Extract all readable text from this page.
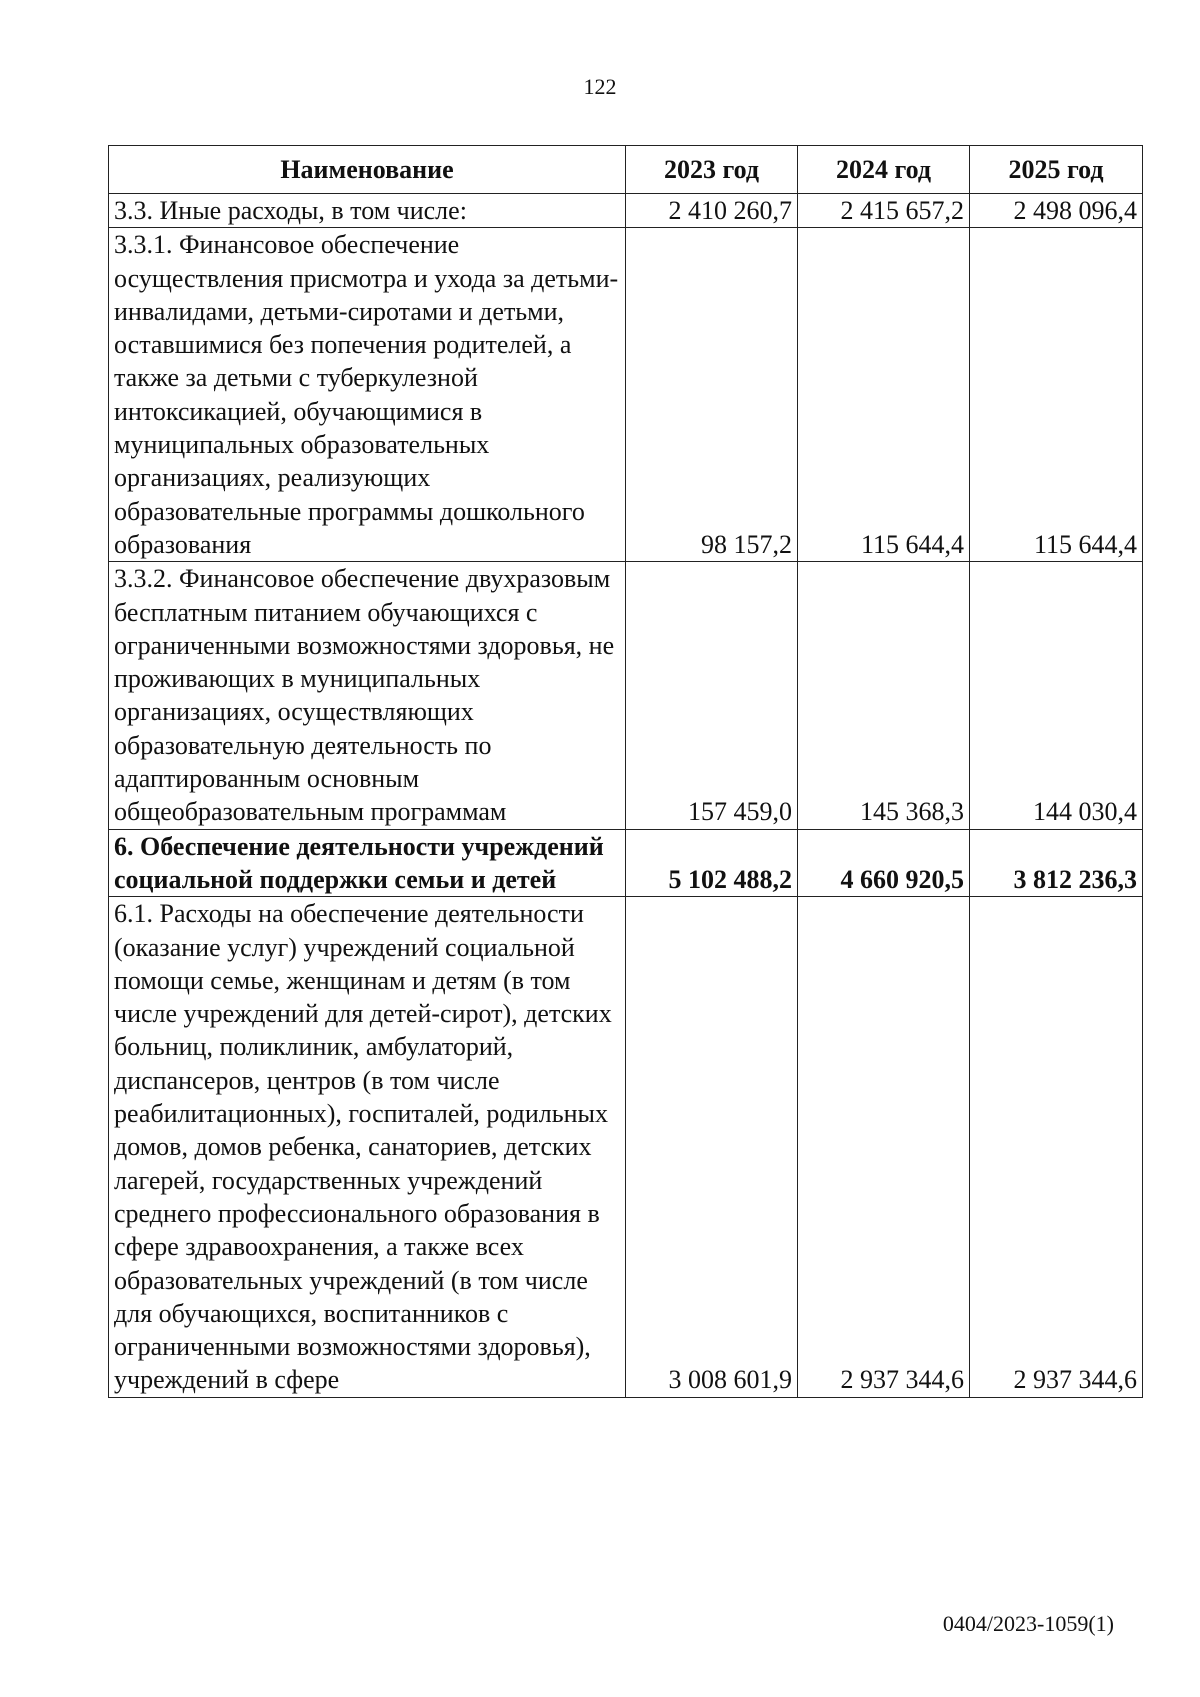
122
Наименование	2023 год	2024 год	2025 год
3.3. Иные расходы, в том числе:	2 410 260,7	2 415 657,2	2 498 096,4
3.3.1. Финансовое обеспечение осуществления присмотра и ухода за детьми-инвалидами, детьми-сиротами и детьми, оставшимися без попечения родителей, а также за детьми с туберкулезной интоксикацией, обучающимися в муниципальных образовательных организациях, реализующих образовательные программы дошкольного образования	98 157,2	115 644,4	115 644,4
3.3.2. Финансовое обеспечение двухразовым бесплатным питанием обучающихся с ограниченными возможностями здоровья, не проживающих в муниципальных организациях, осуществляющих образовательную деятельность по адаптированным основным общеобразовательным программам	157 459,0	145 368,3	144 030,4
6. Обеспечение деятельности учреждений социальной поддержки семьи и детей	5 102 488,2	4 660 920,5	3 812 236,3
6.1. Расходы на обеспечение деятельности (оказание услуг) учреждений социальной помощи семье, женщинам и детям (в том числе учреждений для детей-сирот), детских больниц, поликлиник, амбулаторий, диспансеров, центров (в том числе реабилитационных), госпиталей, родильных домов, домов ребенка, санаториев, детских лагерей, государственных учреждений среднего профессионального образования в сфере здравоохранения, а также всех образовательных учреждений (в том числе для обучающихся, воспитанников с ограниченными возможностями здоровья), учреждений в сфере	3 008 601,9	2 937 344,6	2 937 344,6
0404/2023-1059(1)
